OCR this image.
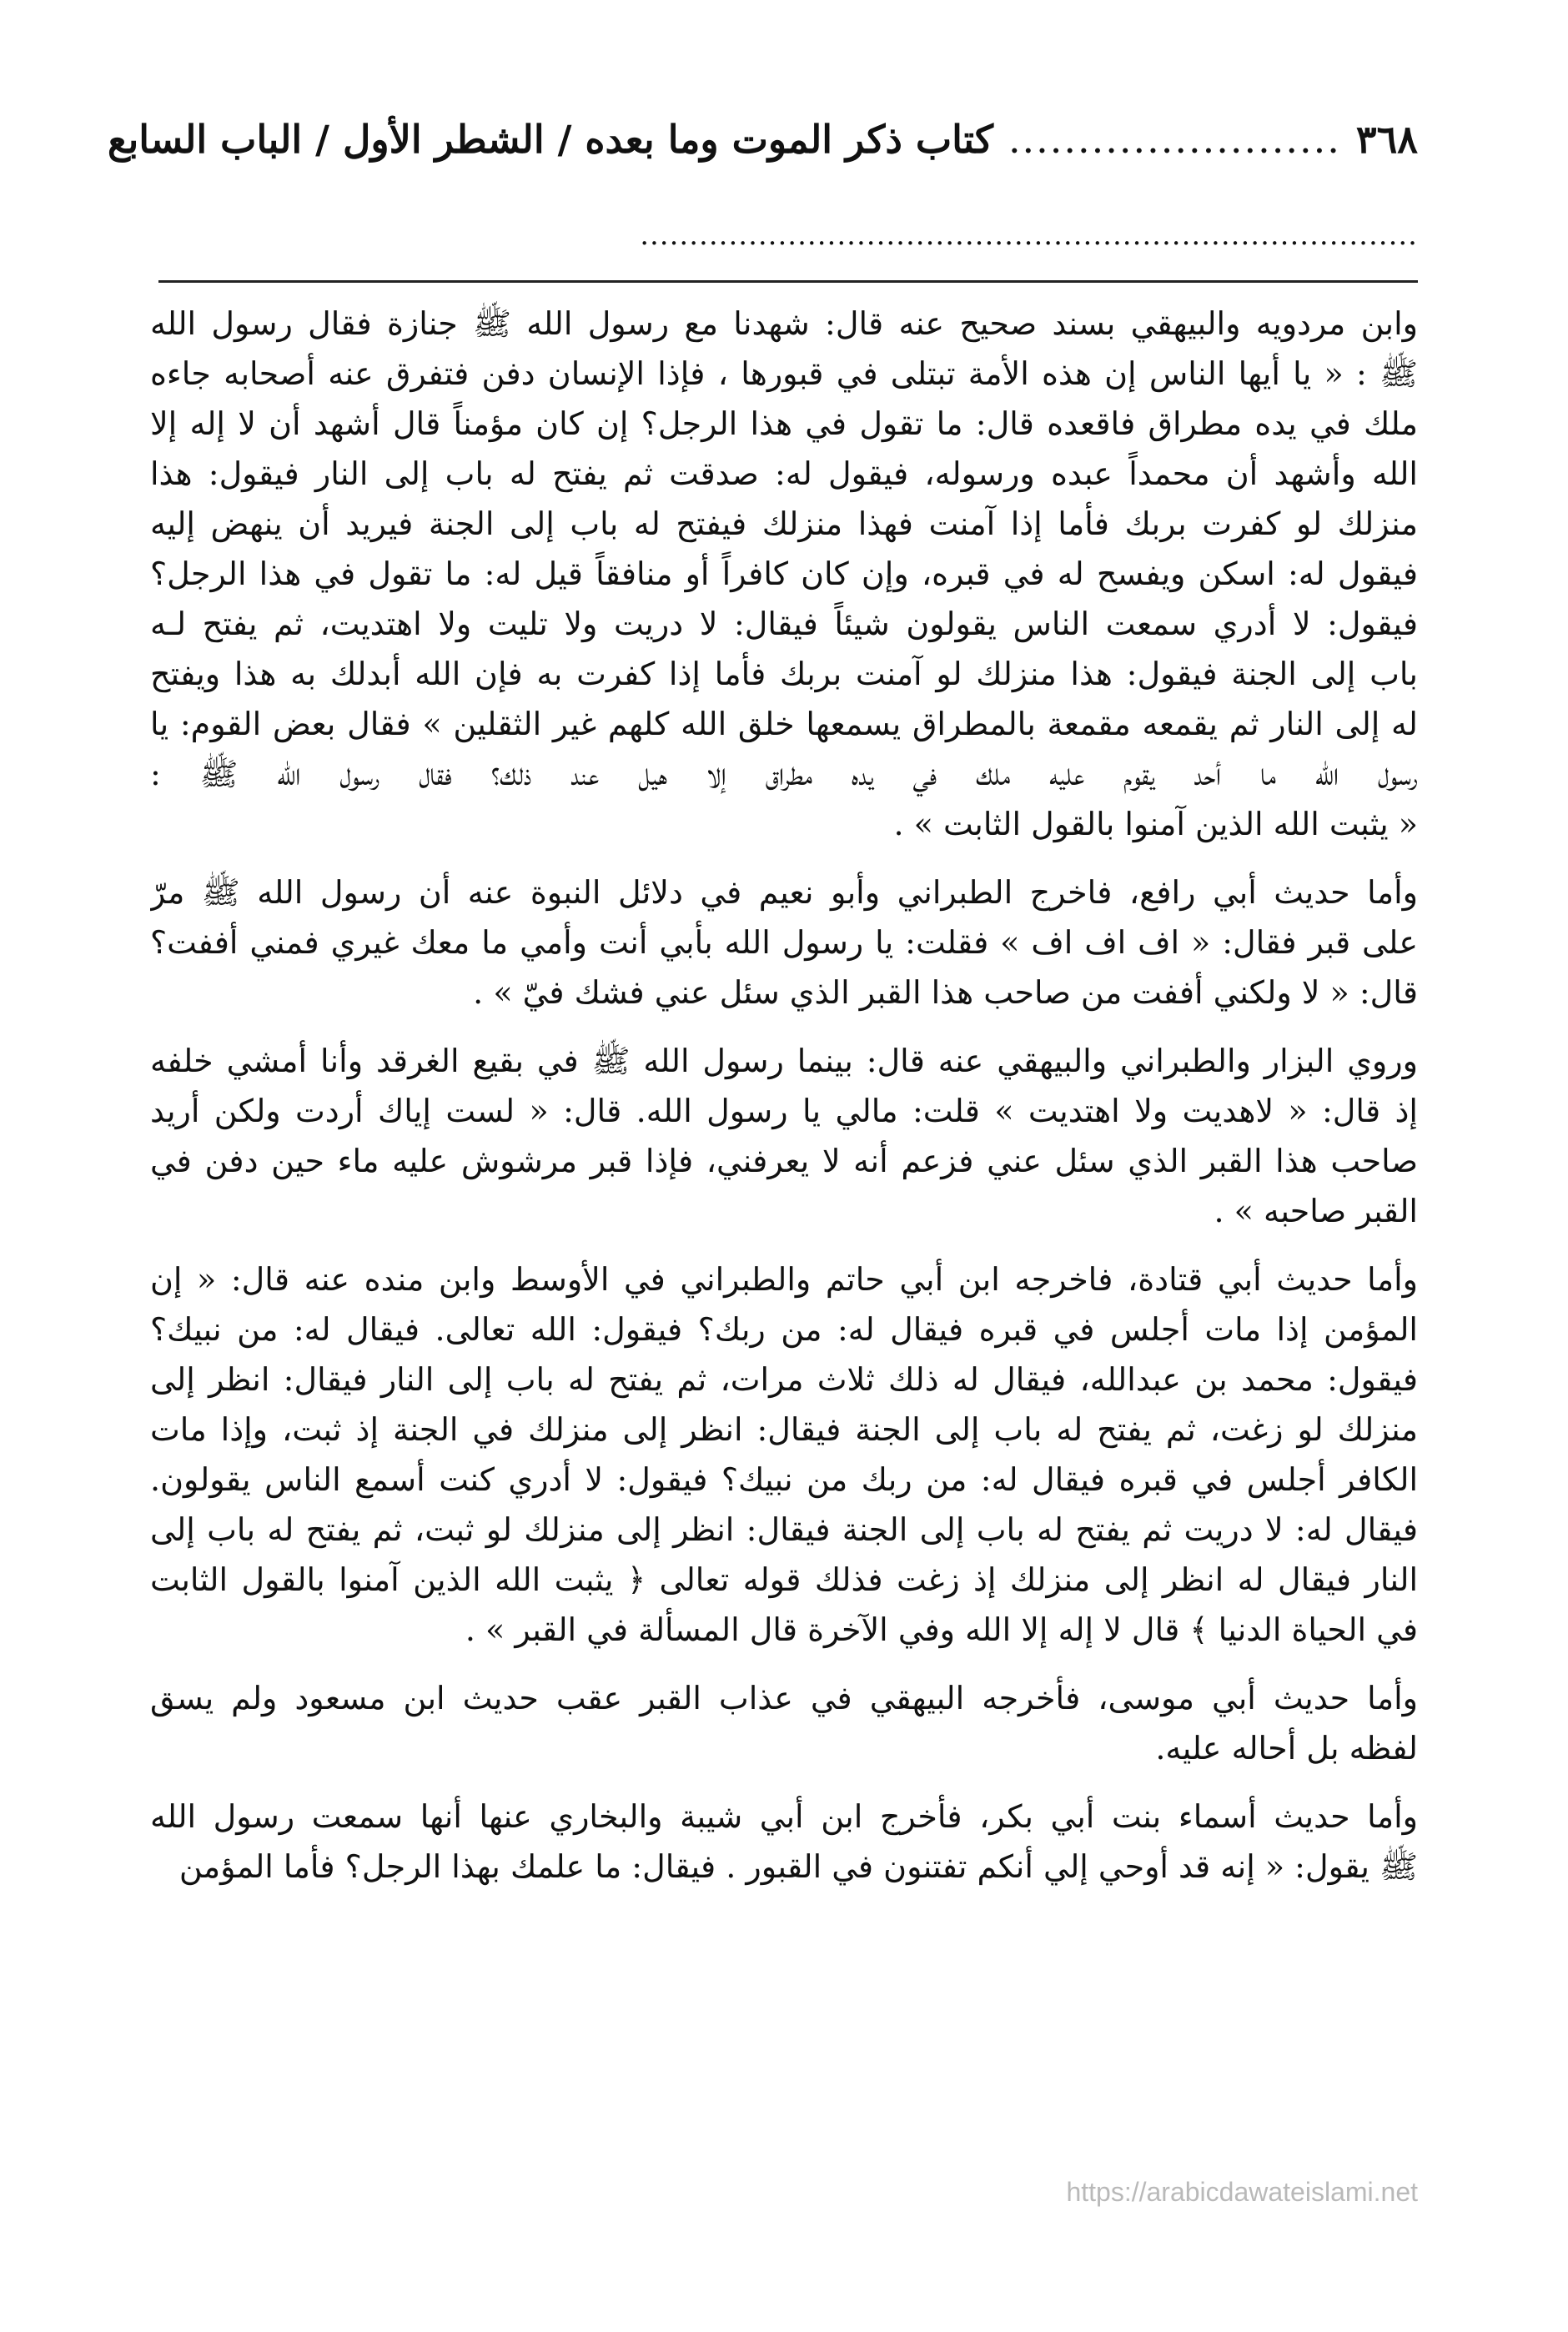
٣٦٨
........................
كتاب ذكر الموت وما بعده / الشطر الأول / الباب السابع
...............................................................................
وابن مردويه والبيهقي بسند صحيح عنه قال: شهدنا مع رسول الله ﷺ جنازة فقال رسول الله
ﷺ : « يا أيها الناس إن هذه الأمة تبتلى في قبورها ، فإذا الإنسان دفن فتفرق عنه أصحابه جاءه
ملك في يده مطراق فاقعده قال: ما تقول في هذا الرجل؟ إن كان مؤمناً قال أشهد أن لا إله إلا
الله وأشهد أن محمداً عبده ورسوله، فيقول له: صدقت ثم يفتح له باب إلى النار فيقول: هذا
منزلك لو كفرت بربك فأما إذا آمنت فهذا منزلك فيفتح له باب إلى الجنة فيريد أن ينهض إليه
فيقول له: اسكن ويفسح له في قبره، وإن كان كافراً أو منافقاً قيل له: ما تقول في هذا الرجل؟
فيقول: لا أدري سمعت الناس يقولون شيئاً فيقال: لا دريت ولا تليت ولا اهتديت، ثم يفتح لـه
باب إلى الجنة فيقول: هذا منزلك لو آمنت بربك فأما إذا كفرت به فإن الله أبدلك به هذا ويفتح
له إلى النار ثم يقمعه مقمعة بالمطراق يسمعها خلق الله كلهم غير الثقلين » فقال بعض القوم: يا
رسول الله ما أحد يقوم عليه ملك في يده مطراق إلا هيل عند ذلك؟ فقال رسول الله ﷺ :
« يثبت الله الذين آمنوا بالقول الثابت » .
وأما حديث أبي رافع، فاخرج الطبراني وأبو نعيم في دلائل النبوة عنه أن رسول الله ﷺ مرّ
على قبر فقال: « اف اف اف » فقلت: يا رسول الله بأبي أنت وأمي ما معك غيري فمني أففت؟
قال: « لا ولكني أففت من صاحب هذا القبر الذي سئل عني فشك فيّ » .
وروي البزار والطبراني والبيهقي عنه قال: بينما رسول الله ﷺ في بقيع الغرقد وأنا أمشي خلفه
إذ قال: « لاهديت ولا اهتديت » قلت: مالي يا رسول الله. قال: « لست إياك أردت ولكن أريد
صاحب هذا القبر الذي سئل عني فزعم أنه لا يعرفني، فإذا قبر مرشوش عليه ماء حين دفن في
القبر صاحبه » .
وأما حديث أبي قتادة، فاخرجه ابن أبي حاتم والطبراني في الأوسط وابن منده عنه قال: « إن
المؤمن إذا مات أجلس في قبره فيقال له: من ربك؟ فيقول: الله تعالى. فيقال له: من نبيك؟
فيقول: محمد بن عبدالله، فيقال له ذلك ثلاث مرات، ثم يفتح له باب إلى النار فيقال: انظر إلى
منزلك لو زغت، ثم يفتح له باب إلى الجنة فيقال: انظر إلى منزلك في الجنة إذ ثبت، وإذا مات
الكافر أجلس في قبره فيقال له: من ربك من نبيك؟ فيقول: لا أدري كنت أسمع الناس يقولون.
فيقال له: لا دريت ثم يفتح له باب إلى الجنة فيقال: انظر إلى منزلك لو ثبت، ثم يفتح له باب إلى
النار فيقال له انظر إلى منزلك إذ زغت فذلك قوله تعالى ﴿ يثبت الله الذين آمنوا بالقول الثابت
في الحياة الدنيا ﴾ قال لا إله إلا الله وفي الآخرة قال المسألة في القبر » .
وأما حديث أبي موسى، فأخرجه البيهقي في عذاب القبر عقب حديث ابن مسعود ولم يسق
لفظه بل أحاله عليه.
وأما حديث أسماء بنت أبي بكر، فأخرج ابن أبي شيبة والبخاري عنها أنها سمعت رسول الله
ﷺ يقول: « إنه قد أوحي إلي أنكم تفتنون في القبور . فيقال: ما علمك بهذا الرجل؟ فأما المؤمن
https://arabicdawateislami.net
